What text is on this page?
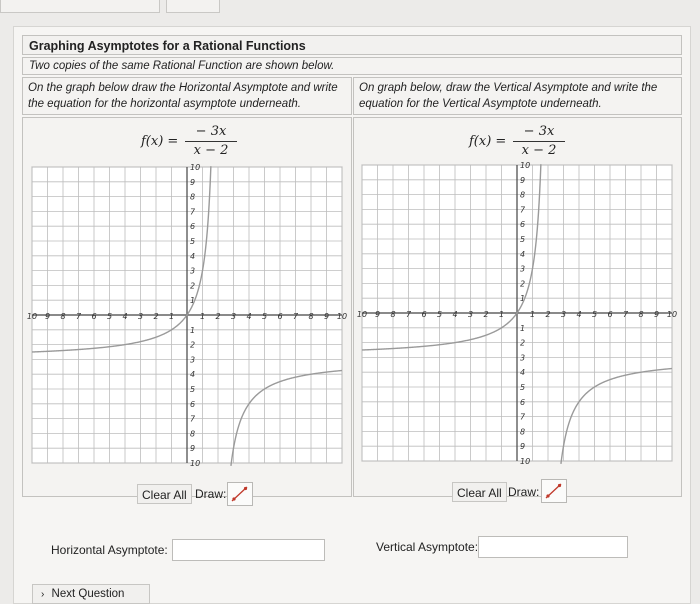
Graphing Asymptotes for a Rational Functions
Two copies of the same Rational Function are shown below.
On the graph below draw the Horizontal Asymptote and write the equation for the horizontal asymptote underneath.
f(x) =
− 3x
x − 2
10 9 8 7 6 5 4 3 2 1	1 2 3 4 5 6 7 8 9 10
10
1
9
2
8
3
7
4
6
5
5
6
4
7
3
8
2
9
1
10
Clear All Draw:
Horizontal Asymptote:
On graph below, draw the Vertical Asymptote and write the equation for the Vertical Asymptote underneath.
f(x) =
− 3x
x − 2
10 9 8 7 6 5 4 3 2 1	1 2 3 4 5 6 7 8 9 10
10
1
9
2
8
3
7
4
6
5
5
6
4
7
3
8
2
9
1
10
Clear All Draw:
Vertical Asymptote:
› Next Question
